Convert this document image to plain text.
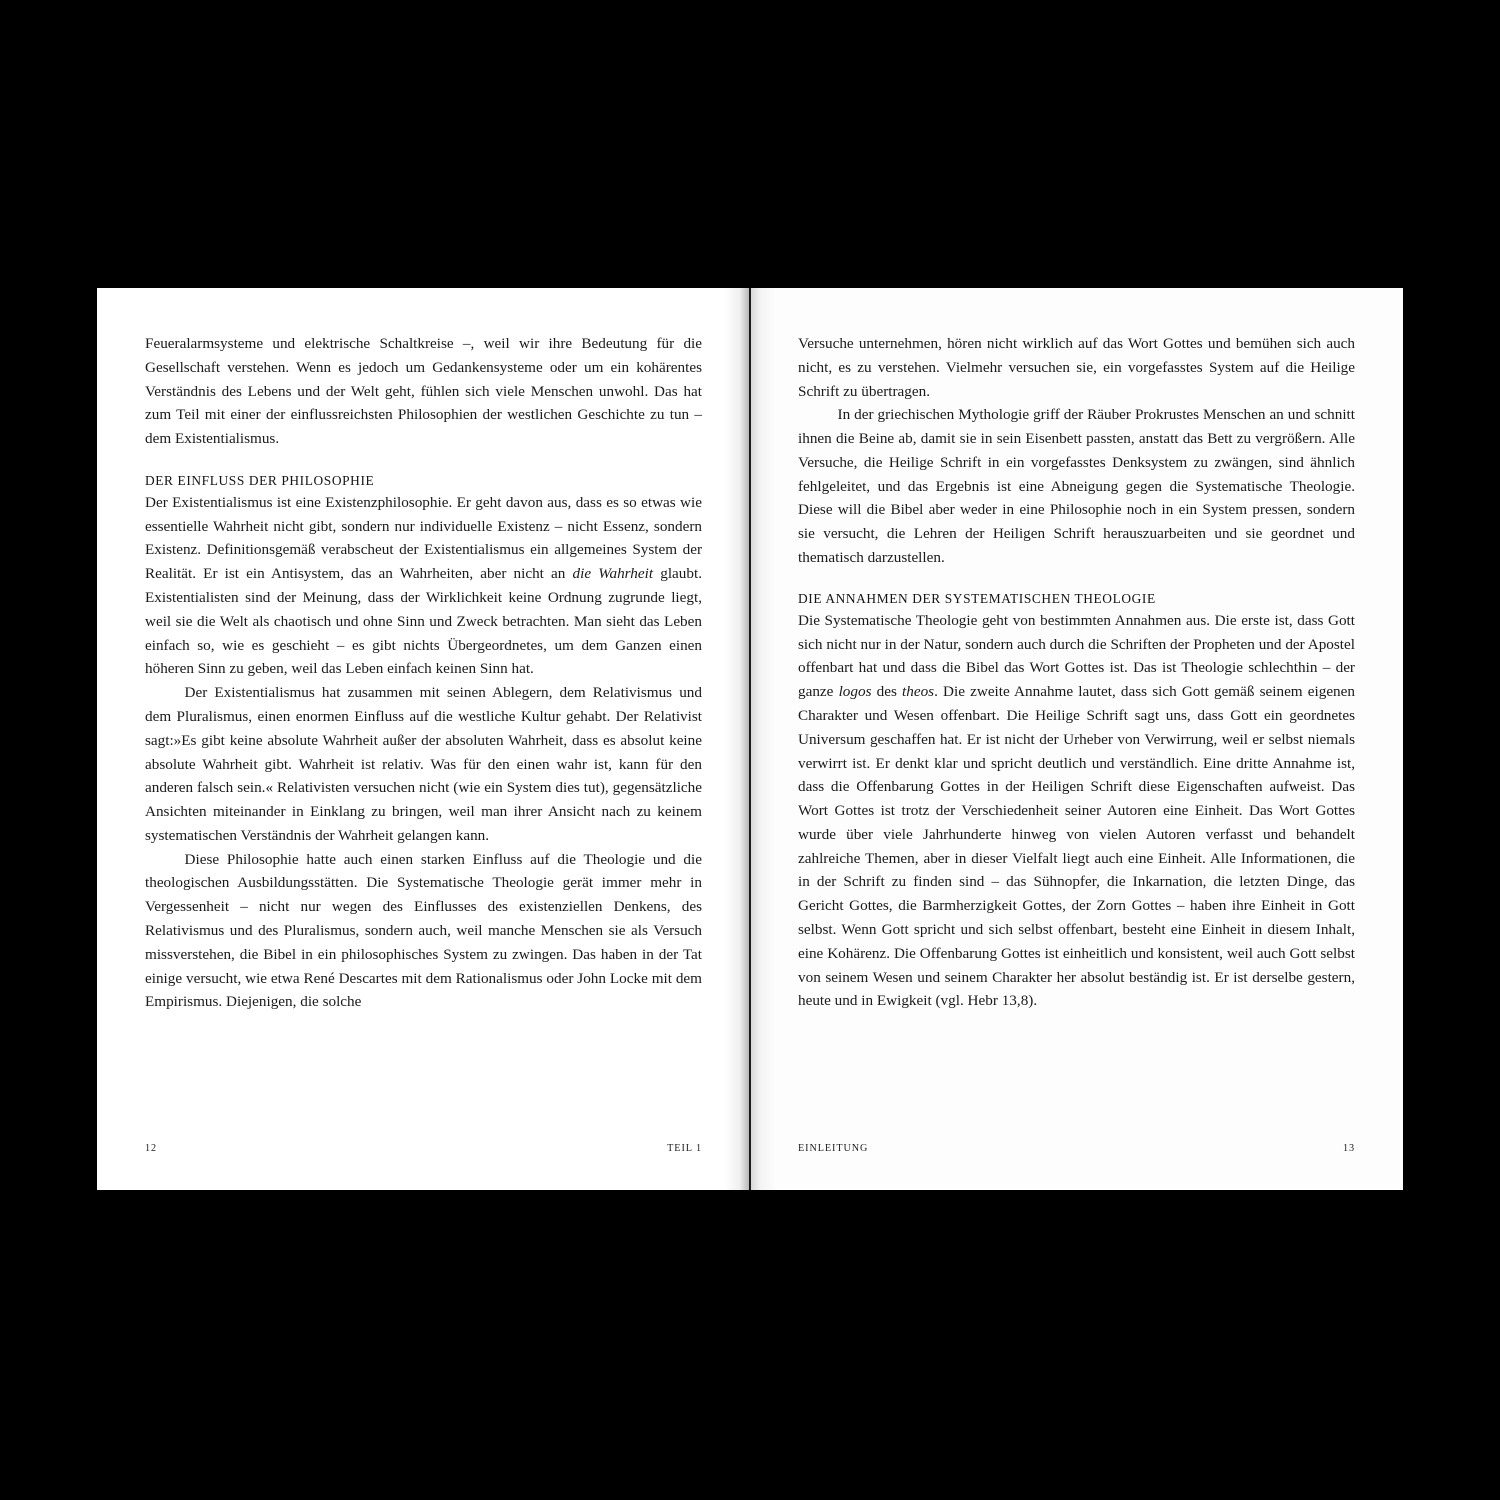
Feueralarmsysteme und elektrische Schaltkreise –, weil wir ihre Bedeutung für die Gesellschaft verstehen. Wenn es jedoch um Gedankensysteme oder um ein kohärentes Verständnis des Lebens und der Welt geht, fühlen sich viele Menschen unwohl. Das hat zum Teil mit einer der einflussreichsten Philosophien der westlichen Geschichte zu tun – dem Existentialismus.

DER EINFLUSS DER PHILOSOPHIE

Der Existentialismus ist eine Existenzphilosophie. Er geht davon aus, dass es so etwas wie essentielle Wahrheit nicht gibt, sondern nur individuelle Existenz – nicht Essenz, sondern Existenz. Definitionsgemäß verabscheut der Existentialismus ein allgemeines System der Realität. Er ist ein Antisystem, das an Wahrheiten, aber nicht an die Wahrheit glaubt. Existentialisten sind der Meinung, dass der Wirklichkeit keine Ordnung zugrunde liegt, weil sie die Welt als chaotisch und ohne Sinn und Zweck betrachten. Man sieht das Leben einfach so, wie es geschieht – es gibt nichts Übergeordnetes, um dem Ganzen einen höheren Sinn zu geben, weil das Leben einfach keinen Sinn hat.

Der Existentialismus hat zusammen mit seinen Ablegern, dem Relativismus und dem Pluralismus, einen enormen Einfluss auf die westliche Kultur gehabt. Der Relativist sagt:»Es gibt keine absolute Wahrheit außer der absoluten Wahrheit, dass es absolut keine absolute Wahrheit gibt. Wahrheit ist relativ. Was für den einen wahr ist, kann für den anderen falsch sein.« Relativisten versuchen nicht (wie ein System dies tut), gegensätzliche Ansichten miteinander in Einklang zu bringen, weil man ihrer Ansicht nach zu keinem systematischen Verständnis der Wahrheit gelangen kann.

Diese Philosophie hatte auch einen starken Einfluss auf die Theologie und die theologischen Ausbildungsstätten. Die Systematische Theologie gerät immer mehr in Vergessenheit – nicht nur wegen des Einflusses des existenziellen Denkens, des Relativismus und des Pluralismus, sondern auch, weil manche Menschen sie als Versuch missverstehen, die Bibel in ein philosophisches System zu zwingen. Das haben in der Tat einige versucht, wie etwa René Descartes mit dem Rationalismus oder John Locke mit dem Empirismus. Diejenigen, die solche

12	TEIL 1

Versuche unternehmen, hören nicht wirklich auf das Wort Gottes und bemühen sich auch nicht, es zu verstehen. Vielmehr versuchen sie, ein vorgefasstes System auf die Heilige Schrift zu übertragen.

In der griechischen Mythologie griff der Räuber Prokrustes Menschen an und schnitt ihnen die Beine ab, damit sie in sein Eisenbett passten, anstatt das Bett zu vergrößern. Alle Versuche, die Heilige Schrift in ein vorgefasstes Denksystem zu zwängen, sind ähnlich fehlgeleitet, und das Ergebnis ist eine Abneigung gegen die Systematische Theologie. Diese will die Bibel aber weder in eine Philosophie noch in ein System pressen, sondern sie versucht, die Lehren der Heiligen Schrift herauszuarbeiten und sie geordnet und thematisch darzustellen.

DIE ANNAHMEN DER SYSTEMATISCHEN THEOLOGIE

Die Systematische Theologie geht von bestimmten Annahmen aus. Die erste ist, dass Gott sich nicht nur in der Natur, sondern auch durch die Schriften der Propheten und der Apostel offenbart hat und dass die Bibel das Wort Gottes ist. Das ist Theologie schlechthin – der ganze logos des theos. Die zweite Annahme lautet, dass sich Gott gemäß seinem eigenen Charakter und Wesen offenbart. Die Heilige Schrift sagt uns, dass Gott ein geordnetes Universum geschaffen hat. Er ist nicht der Urheber von Verwirrung, weil er selbst niemals verwirrt ist. Er denkt klar und spricht deutlich und verständlich. Eine dritte Annahme ist, dass die Offenbarung Gottes in der Heiligen Schrift diese Eigenschaften aufweist. Das Wort Gottes ist trotz der Verschiedenheit seiner Autoren eine Einheit. Das Wort Gottes wurde über viele Jahrhunderte hinweg von vielen Autoren verfasst und behandelt zahlreiche Themen, aber in dieser Vielfalt liegt auch eine Einheit. Alle Informationen, die in der Schrift zu finden sind – das Sühnopfer, die Inkarnation, die letzten Dinge, das Gericht Gottes, die Barmherzigkeit Gottes, der Zorn Gottes – haben ihre Einheit in Gott selbst. Wenn Gott spricht und sich selbst offenbart, besteht eine Einheit in diesem Inhalt, eine Kohärenz. Die Offenbarung Gottes ist einheitlich und konsistent, weil auch Gott selbst von seinem Wesen und seinem Charakter her absolut beständig ist. Er ist derselbe gestern, heute und in Ewigkeit (vgl. Hebr 13,8).

EINLEITUNG	13
